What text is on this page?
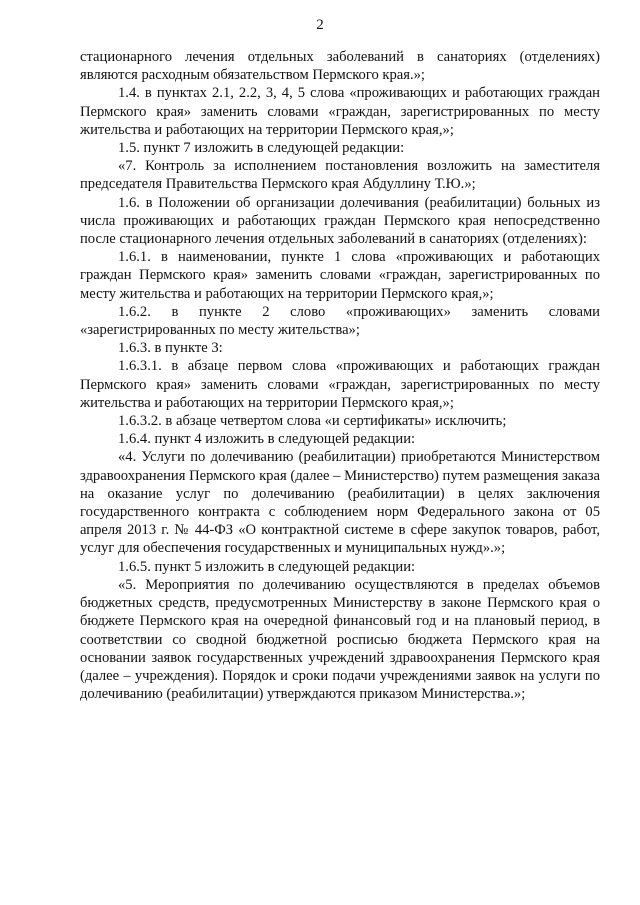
2

стационарного лечения отдельных заболеваний в санаториях (отделениях) являются расходным обязательством Пермского края.»;

1.4. в пунктах 2.1, 2.2, 3, 4, 5 слова «проживающих и работающих граждан Пермского края» заменить словами «граждан, зарегистрированных по месту жительства и работающих на территории Пермского края,»;

1.5. пункт 7 изложить в следующей редакции:

«7. Контроль за исполнением постановления возложить на заместителя председателя Правительства Пермского края Абдуллину Т.Ю.»;

1.6. в Положении об организации долечивания (реабилитации) больных из числа проживающих и работающих граждан Пермского края непосредственно после стационарного лечения отдельных заболеваний в санаториях (отделениях):

1.6.1. в наименовании, пункте 1 слова «проживающих и работающих граждан Пермского края» заменить словами «граждан, зарегистрированных по месту жительства и работающих на территории Пермского края,»;

1.6.2. в пункте 2 слово «проживающих» заменить словами «зарегистрированных по месту жительства»;

1.6.3. в пункте 3:

1.6.3.1. в абзаце первом слова «проживающих и работающих граждан Пермского края» заменить словами «граждан, зарегистрированных по месту жительства и работающих на территории Пермского края,»;

1.6.3.2. в абзаце четвертом слова «и сертификаты» исключить;

1.6.4. пункт 4 изложить в следующей редакции:

«4. Услуги по долечиванию (реабилитации) приобретаются Министерством здравоохранения Пермского края (далее – Министерство) путем размещения заказа на оказание услуг по долечиванию (реабилитации) в целях заключения государственного контракта с соблюдением норм Федерального закона от 05 апреля 2013 г. № 44-ФЗ «О контрактной системе в сфере закупок товаров, работ, услуг для обеспечения государственных и муниципальных нужд».»;

1.6.5. пункт 5 изложить в следующей редакции:

«5. Мероприятия по долечиванию осуществляются в пределах объемов бюджетных средств, предусмотренных Министерству в законе Пермского края о бюджете Пермского края на очередной финансовый год и на плановый период, в соответствии со сводной бюджетной росписью бюджета Пермского края на основании заявок государственных учреждений здравоохранения Пермского края (далее – учреждения). Порядок и сроки подачи учреждениями заявок на услуги по долечиванию (реабилитации) утверждаются приказом Министерства.»;
